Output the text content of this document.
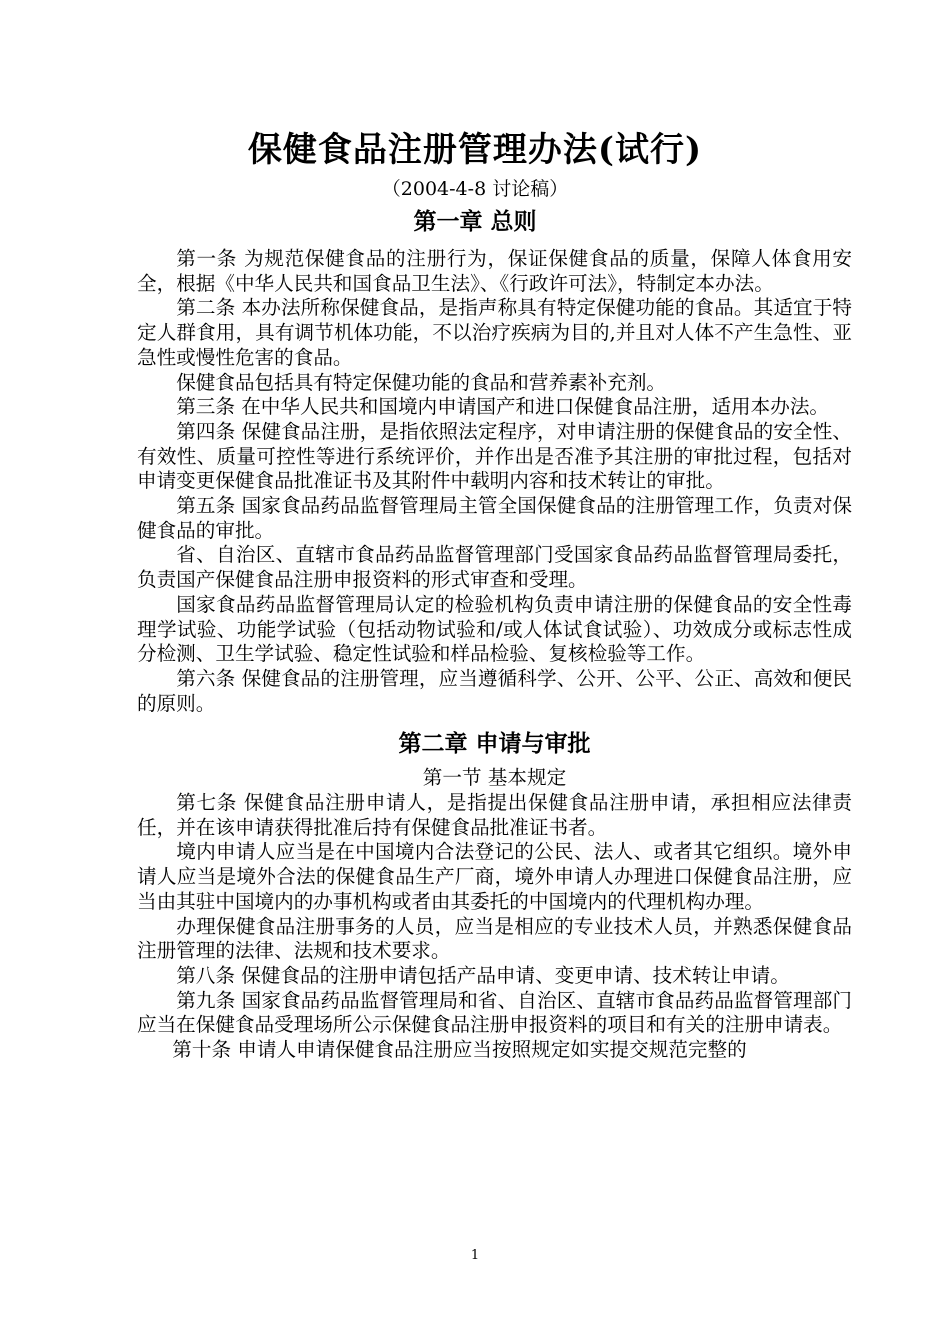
保健食品注册管理办法(试行)
（2004-4-8 讨论稿）
第一章 总则

第一条 为规范保健食品的注册行为，保证保健食品的质量，保障人体食用安全，根据《中华人民共和国食品卫生法》、《行政许可法》，特制定本办法。

第二条 本办法所称保健食品，是指声称具有特定保健功能的食品。其适宜于特定人群食用，具有调节机体功能，不以治疗疾病为目的,并且对人体不产生急性、亚急性或慢性危害的食品。

保健食品包括具有特定保健功能的食品和营养素补充剂。

第三条 在中华人民共和国境内申请国产和进口保健食品注册，适用本办法。

第四条 保健食品注册，是指依照法定程序，对申请注册的保健食品的安全性、有效性、质量可控性等进行系统评价，并作出是否准予其注册的审批过程，包括对申请变更保健食品批准证书及其附件中载明内容和技术转让的审批。

第五条 国家食品药品监督管理局主管全国保健食品的注册管理工作，负责对保健食品的审批。

省、自治区、直辖市食品药品监督管理部门受国家食品药品监督管理局委托，负责国产保健食品注册申报资料的形式审查和受理。

国家食品药品监督管理局认定的检验机构负责申请注册的保健食品的安全性毒理学试验、功能学试验（包括动物试验和/或人体试食试验）、功效成分或标志性成分检测、卫生学试验、稳定性试验和样品检验、复核检验等工作。

第六条 保健食品的注册管理，应当遵循科学、公开、公平、公正、高效和便民的原则。

第二章 申请与审批
第一节 基本规定

第七条 保健食品注册申请人，是指提出保健食品注册申请，承担相应法律责任，并在该申请获得批准后持有保健食品批准证书者。

境内申请人应当是在中国境内合法登记的公民、法人、或者其它组织。境外申请人应当是境外合法的保健食品生产厂商，境外申请人办理进口保健食品注册，应当由其驻中国境内的办事机构或者由其委托的中国境内的代理机构办理。

办理保健食品注册事务的人员，应当是相应的专业技术人员，并熟悉保健食品注册管理的法律、法规和技术要求。

第八条 保健食品的注册申请包括产品申请、变更申请、技术转让申请。

第九条 国家食品药品监督管理局和省、自治区、直辖市食品药品监督管理部门应当在保健食品受理场所公示保健食品注册申报资料的项目和有关的注册申请表。

第十条 申请人申请保健食品注册应当按照规定如实提交规范完整的

1
